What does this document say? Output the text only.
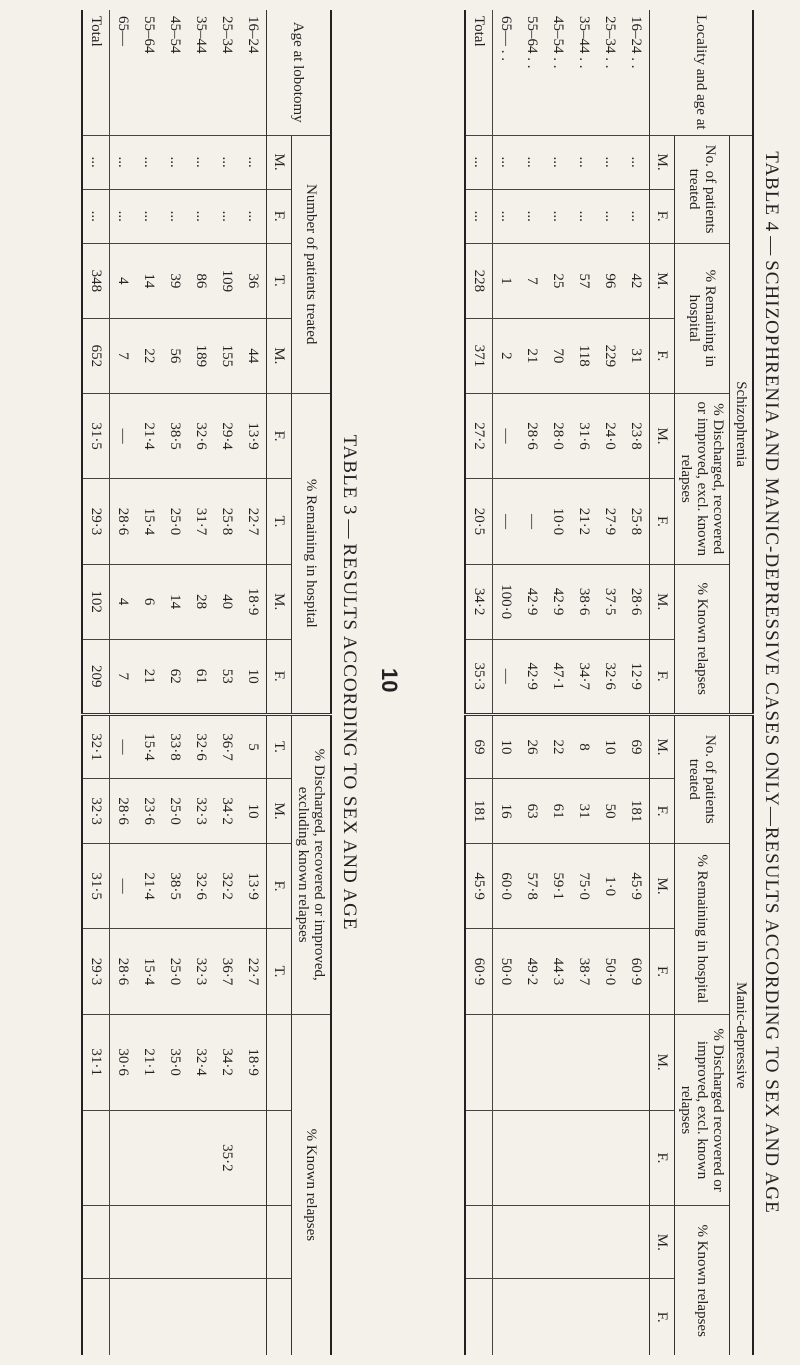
TABLE 4—SCHIZOPHRENIA AND MANIC-DEPRESSIVE CASES ONLY—RESULTS ACCORDING TO SEX AND AGE
Locality and age at	Schizophrenia								Manic-depressive							
	No. of patients treated		% Remaining in hospital		% Discharged, recovered or improved, excl. known relapses		% Known relapses		No. of patients treated		% Remaining in hospital		% Discharged recovered or improved, excl. known relapses		% Known relapses	
	M.	F.	M.	F.	M.	F.	M.	F.	M.	F.	M.	F.	M.	F.	M.	F.
16–24 . .	...	...	42	31	23·8	25·8	28·6	12·9	69	181	45·9	60·9				
25–34 . .	...	...	96	229	24·0	27·9	37·5	32·6	10	50	1·0	50·0				
35–44 . .	...	...	57	118	31·6	21·2	38·6	34·7	8	31	75·0	38·7				
45–54 . .	...	...	25	70	28·0	10·0	42·9	47·1	22	61	59·1	44·3				
55–64 . .	...	...	7	21	28·6	—	42·9	42·9	26	63	57·8	49·2				
65— . .	...	...	1	2	—	—	100·0	—	10	16	60·0	50·0				
Total	...	...	228	371	27·2	20·5	34·2	35·3	69	181	45·9	60·9				
10
TABLE 3—RESULTS ACCORDING TO SEX AND AGE
Age at lobotomy	Number of patients treated				% Remaining in hospital				% Discharged, recovered or improved, excluding known relapses				% Known relapses			
	M.	F.	T.	M.	F.	T.	M.	F.	T.	M.	F.	T.				
16–24	...	...	36	44	13·9	22·7	18·9	10	5	10	13·9	22·7	18·9			
25–34	...	...	109	155	29·4	25·8	40	53	36·7	34·2	32·2	36·7	34·2	35·2		
35–44	...	...	86	189	32·6	31·7	28	61	32·6	32·3	32·6	32·3	32·4			
45–54	...	...	39	56	38·5	25·0	14	62	33·8	25·0	38·5	25·0	35·0			
55–64	...	...	14	22	21·4	15·4	6	21	15·4	23·6	21·4	15·4	21·1			
65—	...	...	4	7	—	28·6	4	7	—	28·6	—	28·6	30·6			
Total	...	...	348	652	31·5	29·3	102	209	32·1	32·3	31·5	29·3	31·1			
